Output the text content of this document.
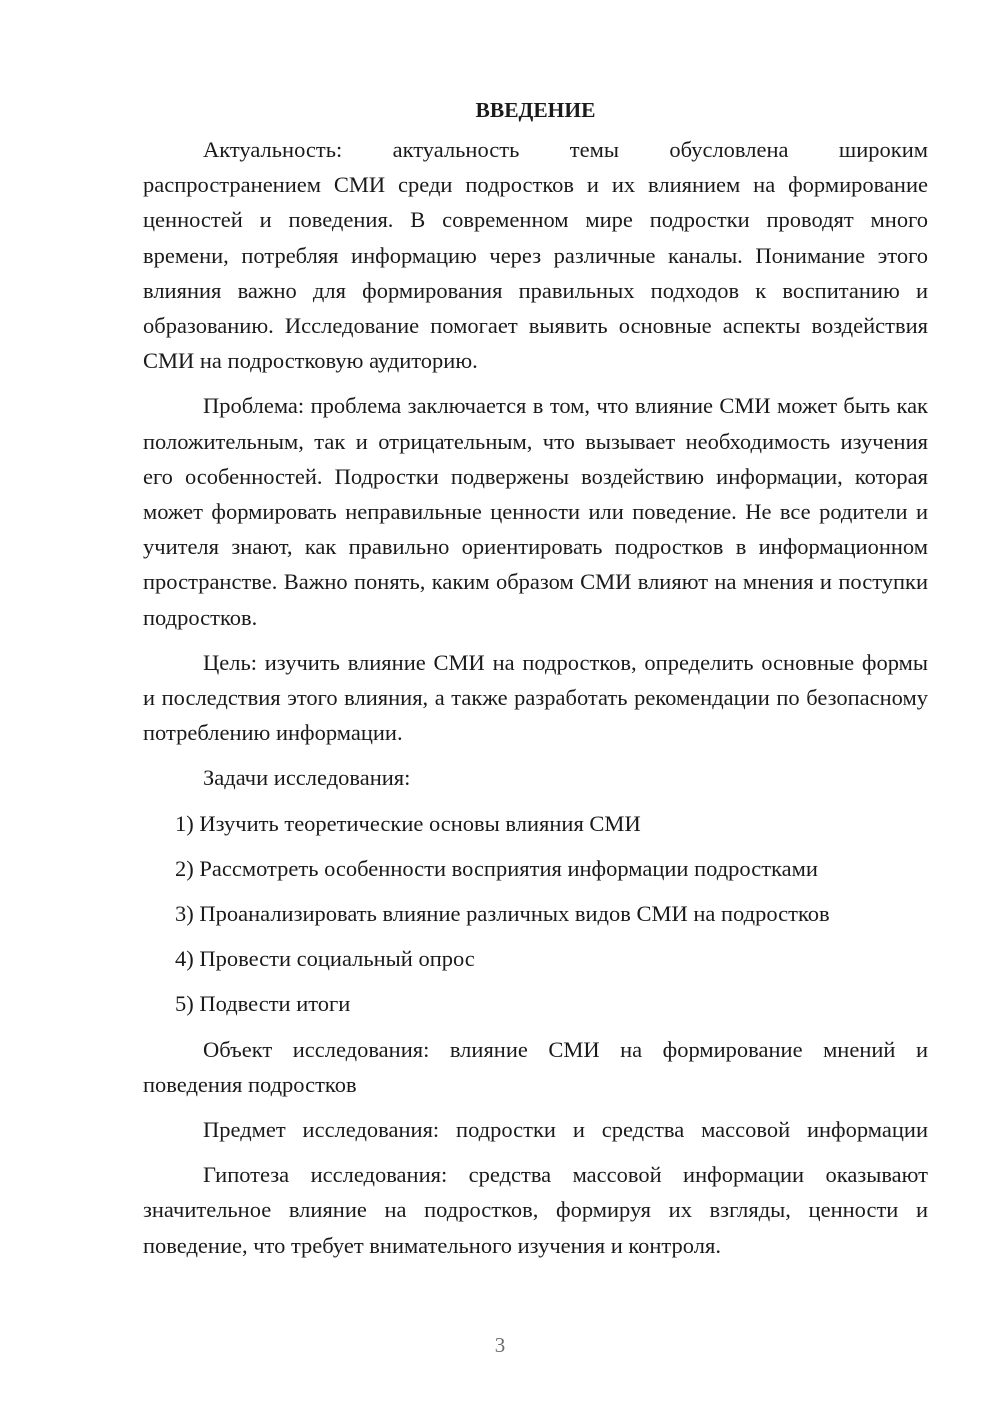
ВВЕДЕНИЕ

Актуальность: актуальность темы обусловлена широким распространением СМИ среди подростков и их влиянием на формирование ценностей и поведения. В современном мире подростки проводят много времени, потребляя информацию через различные каналы. Понимание этого влияния важно для формирования правильных подходов к воспитанию и образованию. Исследование помогает выявить основные аспекты воздействия СМИ на подростковую аудиторию.

Проблема: проблема заключается в том, что влияние СМИ может быть как положительным, так и отрицательным, что вызывает необходимость изучения его особенностей. Подростки подвержены воздействию информации, которая может формировать неправильные ценности или поведение. Не все родители и учителя знают, как правильно ориентировать подростков в информационном пространстве. Важно понять, каким образом СМИ влияют на мнения и поступки подростков.

Цель: изучить влияние СМИ на подростков, определить основные формы и последствия этого влияния, а также разработать рекомендации по безопасному потреблению информации.

Задачи исследования:

1) Изучить теоретические основы влияния СМИ
2) Рассмотреть особенности восприятия информации подростками
3) Проанализировать влияние различных видов СМИ на подростков
4) Провести социальный опрос
5) Подвести итоги

Объект исследования: влияние СМИ на формирование мнений и поведения подростков

Предмет исследования: подростки и средства массовой информации

Гипотеза исследования: средства массовой информации оказывают значительное влияние на подростков, формируя их взгляды, ценности и поведение, что требует внимательного изучения и контроля.

3
